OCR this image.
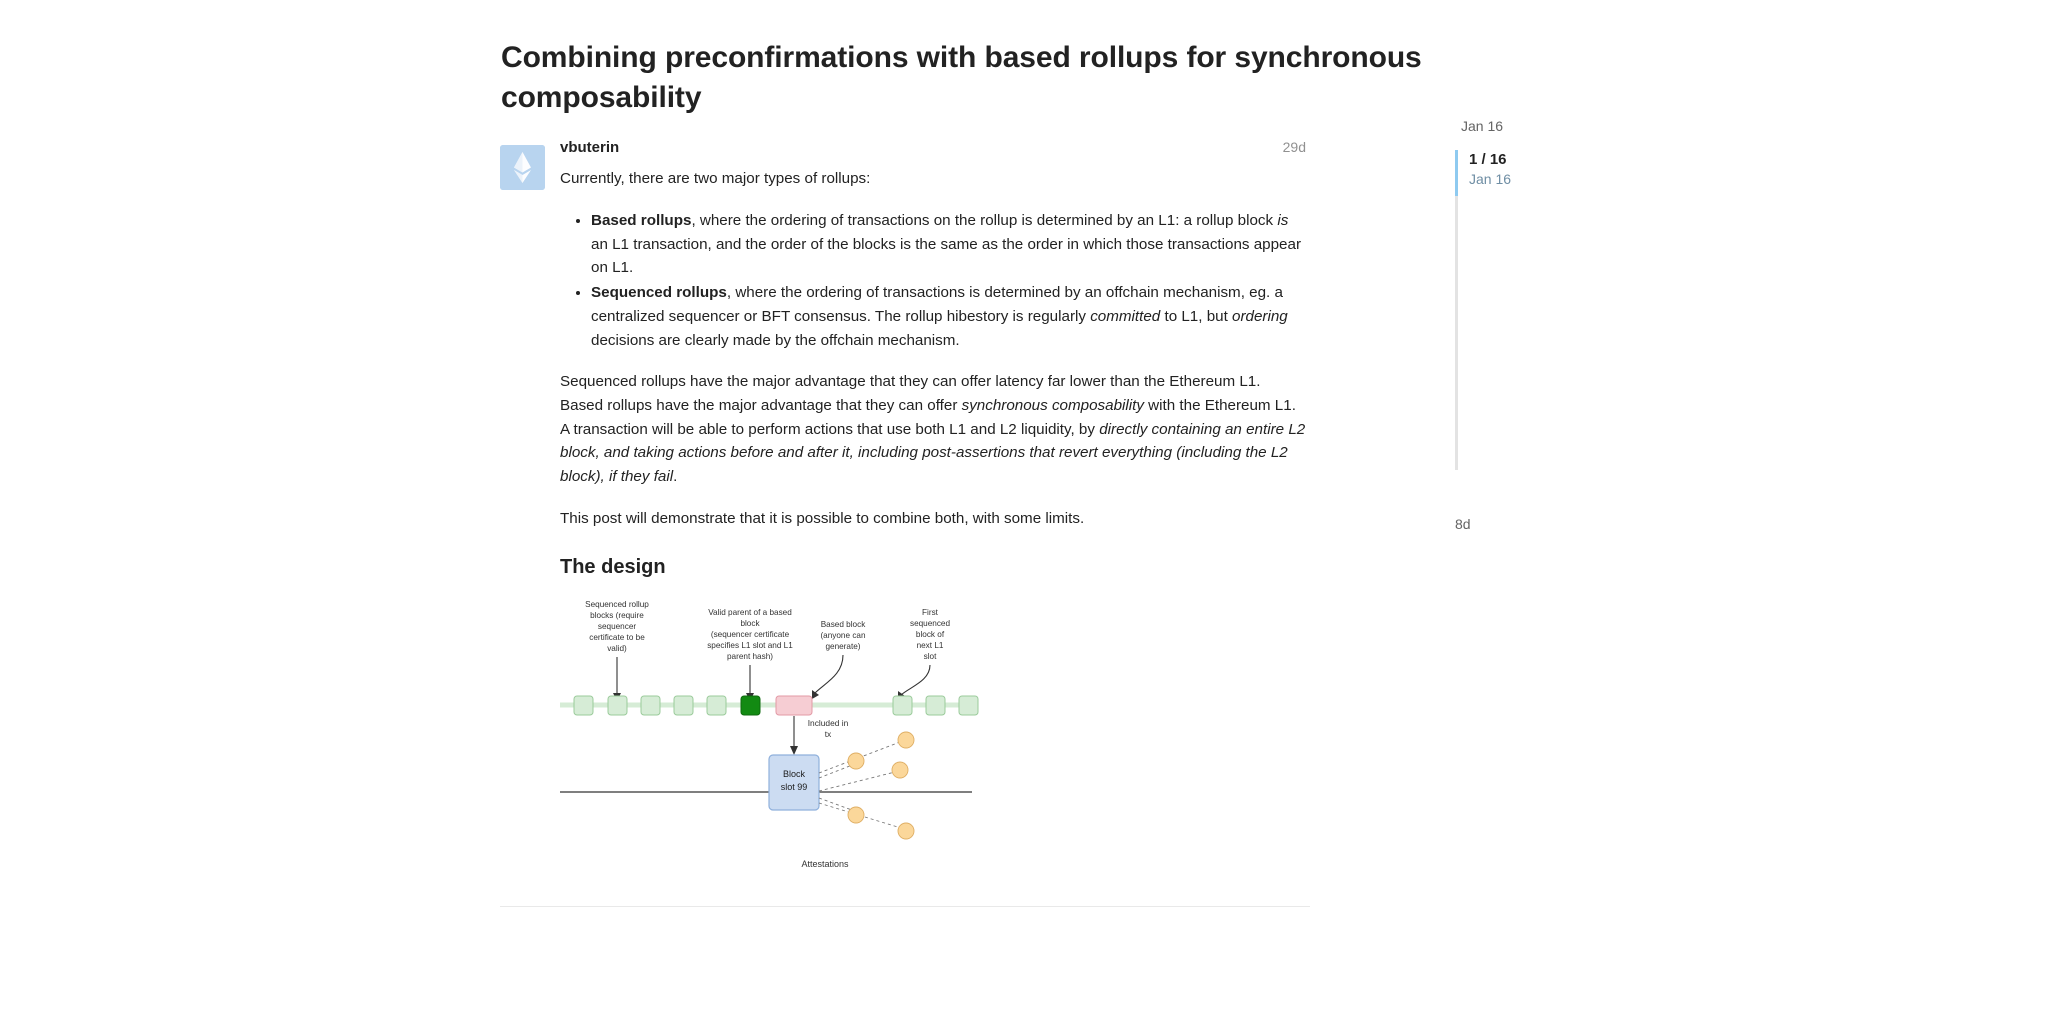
Combining preconfirmations with based rollups for synchronous composability
vbuterin	29d

Currently, there are two major types of rollups:

• Based rollups, where the ordering of transactions on the rollup is determined by an L1: a rollup block is an L1 transaction, and the order of the blocks is the same as the order in which those transactions appear on L1.
• Sequenced rollups, where the ordering of transactions is determined by an offchain mechanism, eg. a centralized sequencer or BFT consensus. The rollup hibestory is regularly committed to L1, but ordering decisions are clearly made by the offchain mechanism.

Sequenced rollups have the major advantage that they can offer latency far lower than the Ethereum L1. Based rollups have the major advantage that they can offer synchronous composability with the Ethereum L1. A transaction will be able to perform actions that use both L1 and L2 liquidity, by directly containing an entire L2 block, and taking actions before and after it, including post-assertions that revert everything (including the L2 block), if they fail.

This post will demonstrate that it is possible to combine both, with some limits.

The design
Sequenced rollup
blocks (require
sequencer
certificate to be
valid)
Valid parent of a based
block
(sequencer certificate
specifies L1 slot and L1
parent hash)
Based block
(anyone can
generate)
First
sequenced
block of
next L1
slot
Included in
tx
Block
slot 99
Attestations
Jan 16
1 / 16
Jan 16
8d
